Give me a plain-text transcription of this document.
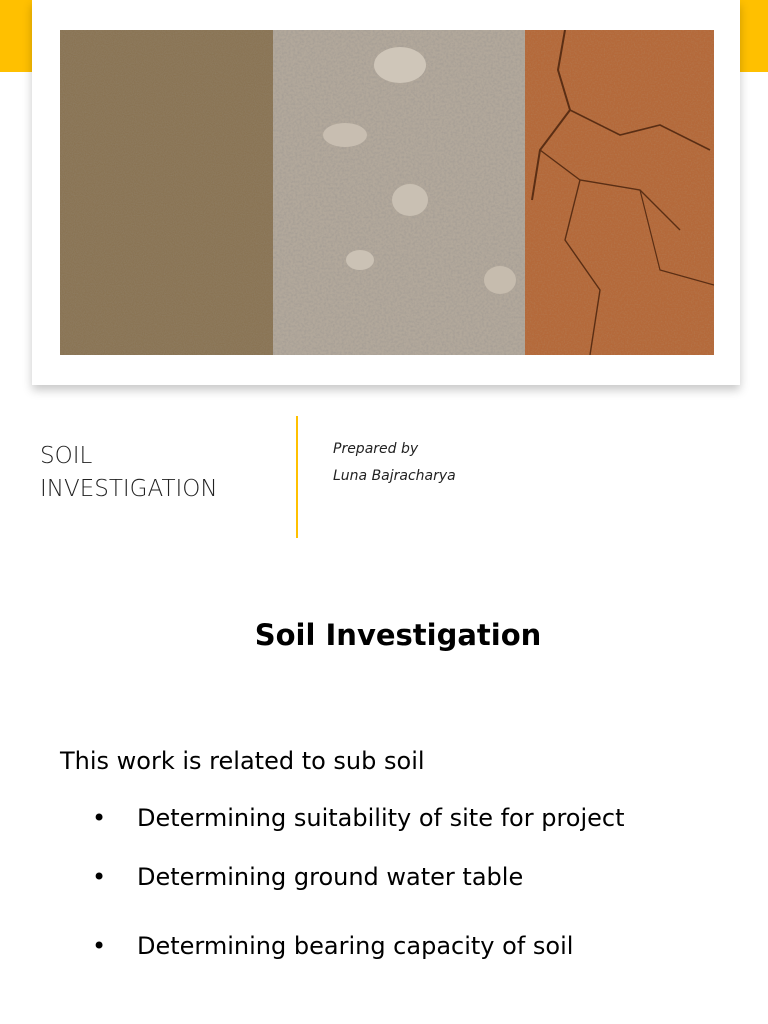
SOIL
INVESTIGATION
Prepared by
Luna Bajracharya
Soil Investigation
This work is related to sub soil
• Determining suitability of site for project
• Determining ground water table
• Determining bearing capacity of soil
